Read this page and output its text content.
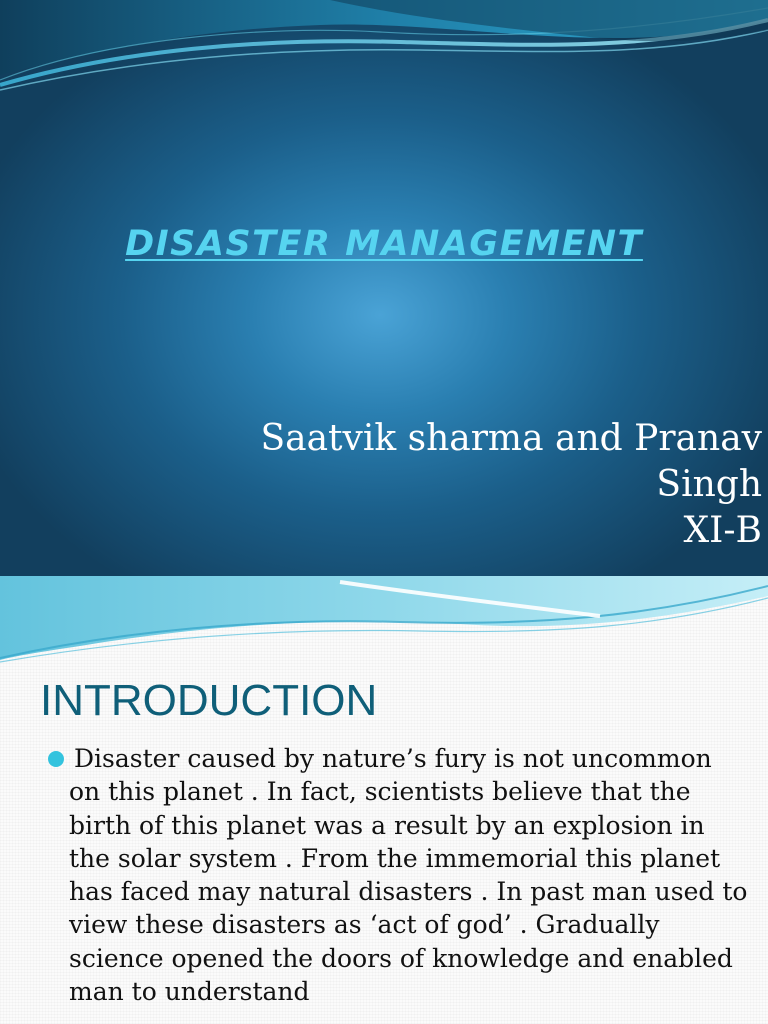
DISASTER MANAGEMENT
Saatvik sharma and Pranav
Singh
XI-B
INTRODUCTION
Disaster caused by nature’s fury is not uncommon on this planet . In fact, scientists believe that the birth of this planet was a result by an explosion in the solar system . From the immemorial this planet has faced may natural disasters . In past man used to view these disasters as ‘act of god’ . Gradually science opened the doors of knowledge and enabled man to understand
